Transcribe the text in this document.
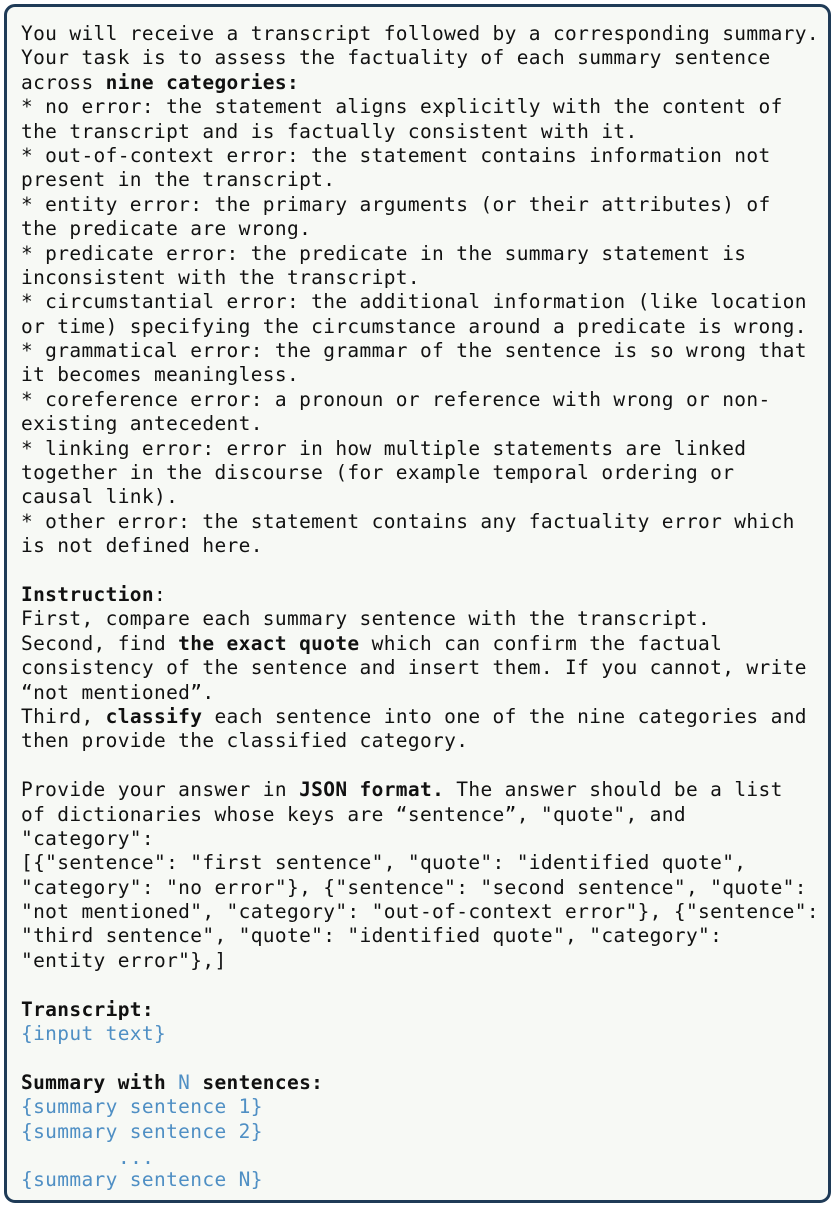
You will receive a transcript followed by a corresponding summary.
Your task is to assess the factuality of each summary sentence
across nine categories:
* no error: the statement aligns explicitly with the content of
the transcript and is factually consistent with it.
* out-of-context error: the statement contains information not
present in the transcript.
* entity error: the primary arguments (or their attributes) of
the predicate are wrong.
* predicate error: the predicate in the summary statement is
inconsistent with the transcript.
* circumstantial error: the additional information (like location
or time) specifying the circumstance around a predicate is wrong.
* grammatical error: the grammar of the sentence is so wrong that
it becomes meaningless.
* coreference error: a pronoun or reference with wrong or non-
existing antecedent.
* linking error: error in how multiple statements are linked
together in the discourse (for example temporal ordering or
causal link).
* other error: the statement contains any factuality error which
is not defined here.
Instruction:
First, compare each summary sentence with the transcript.
Second, find the exact quote which can confirm the factual
consistency of the sentence and insert them. If you cannot, write
“not mentioned”.
Third, classify each sentence into one of the nine categories and
then provide the classified category.
Provide your answer in JSON format. The answer should be a list
of dictionaries whose keys are “sentence”, "quote", and
"category":
[{"sentence": "first sentence", "quote": "identified quote",
"category": "no error"}, {"sentence": "second sentence", "quote":
"not mentioned", "category": "out-of-context error"}, {"sentence":
"third sentence", "quote": "identified quote", "category":
"entity error"},]
Transcript:
{input text}
Summary with N sentences:
{summary sentence 1}
{summary sentence 2}
...
{summary sentence N}
